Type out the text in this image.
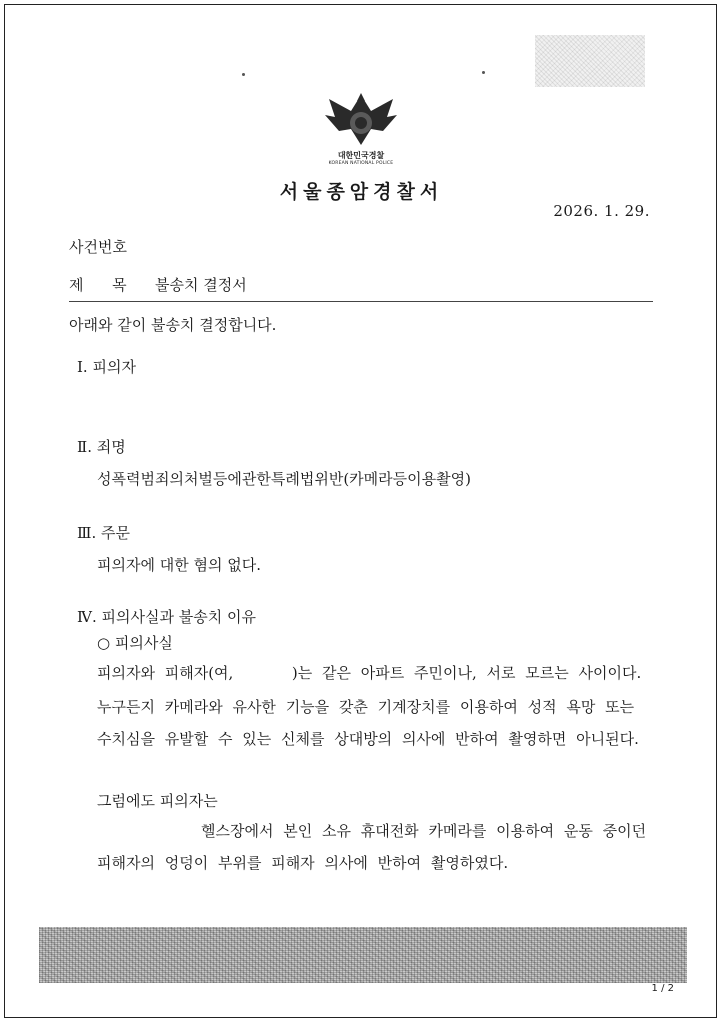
대한민국경찰
KOREAN NATIONAL POLICE
서울종암경찰서
2026. 1. 29.
사건번호
제      목 불송치 결정서
아래와 같이 불송치 결정합니다.
Ⅰ. 피의자
Ⅱ. 죄명
성폭력범죄의처벌등에관한특례법위반(카메라등이용촬영)
Ⅲ. 주문
피의자에 대한 혐의 없다.
Ⅳ. 피의사실과 불송치 이유
○ 피의사실
피의자와 피해자(여,      )는 같은 아파트 주민이나, 서로 모르는 사이이다.
누구든지 카메라와 유사한 기능을 갖춘 기계장치를 이용하여 성적 욕망 또는
수치심을 유발할 수 있는 신체를 상대방의 의사에 반하여 촬영하면 아니된다.
그럼에도 피의자는
헬스장에서 본인 소유 휴대전화 카메라를 이용하여 운동 중이던
피해자의 엉덩이 부위를 피해자 의사에 반하여 촬영하였다.
1 / 2
